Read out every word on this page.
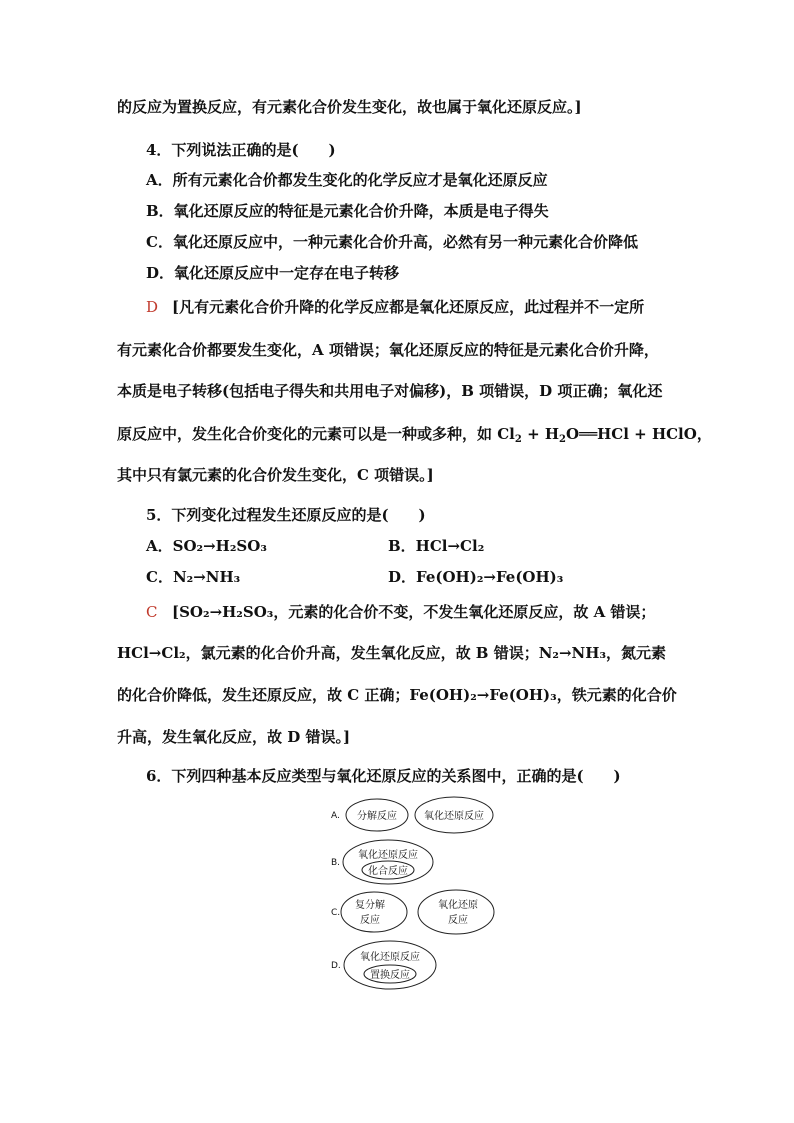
的反应为置换反应，有元素化合价发生变化，故也属于氧化还原反应。]
4．下列说法正确的是(　　)
A．所有元素化合价都发生变化的化学反应才是氧化还原反应
B．氧化还原反应的特征是元素化合价升降，本质是电子得失
C．氧化还原反应中，一种元素化合价升高，必然有另一种元素化合价降低
D．氧化还原反应中一定存在电子转移
D [凡有元素化合价升降的化学反应都是氧化还原反应，此过程并不一定所
有元素化合价都要发生变化，A 项错误；氧化还原反应的特征是元素化合价升降，
本质是电子转移(包括电子得失和共用电子对偏移)，B 项错误，D 项正确；氧化还
原反应中，发生化合价变化的元素可以是一种或多种，如 $Cl_2$ + $H_2O══HCl$ + HClO，
其中只有氯元素的化合价发生变化，C 项错误。]
5．下列变化过程发生还原反应的是(　　)
A．SO₂→H₂SO₃	B．HCl→Cl₂
C．N₂→NH₃	D．Fe(OH)₂→Fe(OH)₃
C [SO₂→H₂SO₃，元素的化合价不变，不发生氧化还原反应，故 A 错误；
HCl→Cl₂，氯元素的化合价升高，发生氧化反应，故 B 错误；N₂→NH₃，氮元素
的化合价降低，发生还原反应，故 C 正确；Fe(OH)₂→Fe(OH)₃，铁元素的化合价
升高，发生氧化反应，故 D 错误。]
6．下列四种基本反应类型与氧化还原反应的关系图中，正确的是(　　)
A. 分解反应	氧化还原反应
B.
氧化还原反应
化合反应
C.
复分解
反应
氧化还原
反应
D.
氧化还原反应
置换反应
